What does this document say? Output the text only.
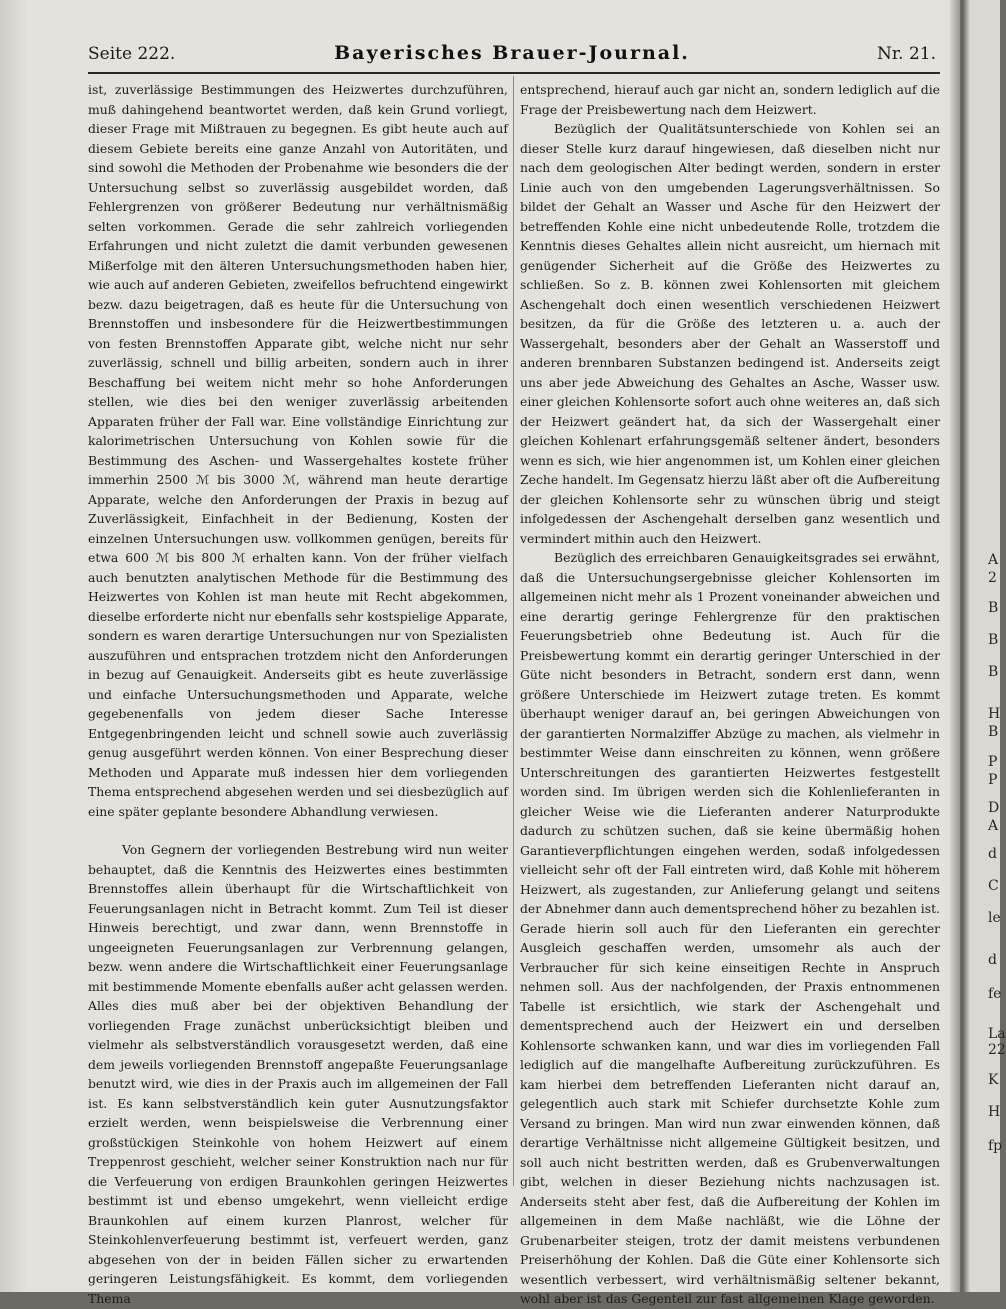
Seite 222.	Bayerisches Brauer-Journal.	Nr. 21.

ist, zuverlässige Bestimmungen des Heizwertes durchzuführen, muß dahingehend beantwortet werden, daß kein Grund vorliegt, dieser Frage mit Mißtrauen zu begegnen. Es gibt heute auch auf diesem Gebiete bereits eine ganze Anzahl von Autoritäten, und sind sowohl die Methoden der Probenahme wie besonders die der Untersuchung selbst so zuverlässig ausgebildet worden, daß Fehlergrenzen von größerer Bedeutung nur verhältnismäßig selten vorkommen. Gerade die sehr zahlreich vorliegenden Erfahrungen und nicht zuletzt die damit verbunden gewesenen Mißerfolge mit den älteren Untersuchungsmethoden haben hier, wie auch auf anderen Gebieten, zweifellos befruchtend eingewirkt bezw. dazu beigetragen, daß es heute für die Untersuchung von Brennstoffen und insbesondere für die Heizwertbestimmungen von festen Brennstoffen Apparate gibt, welche nicht nur sehr zuverlässig, schnell und billig arbeiten, sondern auch in ihrer Beschaffung bei weitem nicht mehr so hohe Anforderungen stellen, wie dies bei den weniger zuverlässig arbeitenden Apparaten früher der Fall war. Eine vollständige Einrichtung zur kalorimetrischen Untersuchung von Kohlen sowie für die Bestimmung des Aschen- und Wassergehaltes kostete früher immerhin 2500 ℳ bis 3000 ℳ, während man heute derartige Apparate, welche den Anforderungen der Praxis in bezug auf Zuverlässigkeit, Einfachheit in der Bedienung, Kosten der einzelnen Untersuchungen usw. vollkommen genügen, bereits für etwa 600 ℳ bis 800 ℳ erhalten kann. Von der früher vielfach auch benutzten analytischen Methode für die Bestimmung des Heizwertes von Kohlen ist man heute mit Recht abgekommen, dieselbe erforderte nicht nur ebenfalls sehr kostspielige Apparate, sondern es waren derartige Untersuchungen nur von Spezialisten auszuführen und entsprachen trotzdem nicht den Anforderungen in bezug auf Genauigkeit. Anderseits gibt es heute zuverlässige und einfache Untersuchungsmethoden und Apparate, welche gegebenenfalls von jedem dieser Sache Interesse Entgegenbringenden leicht und schnell sowie auch zuverlässig genug ausgeführt werden können. Von einer Besprechung dieser Methoden und Apparate muß indessen hier dem vorliegenden Thema entsprechend abgesehen werden und sei diesbezüglich auf eine später geplante besondere Abhandlung verwiesen.

Von Gegnern der vorliegenden Bestrebung wird nun weiter behauptet, daß die Kenntnis des Heizwertes eines bestimmten Brennstoffes allein überhaupt für die Wirtschaftlichkeit von Feuerungsanlagen nicht in Betracht kommt. Zum Teil ist dieser Hinweis berechtigt, und zwar dann, wenn Brennstoffe in ungeeigneten Feuerungsanlagen zur Verbrennung gelangen, bezw. wenn andere die Wirtschaftlichkeit einer Feuerungsanlage mit bestimmende Momente ebenfalls außer acht gelassen werden. Alles dies muß aber bei der objektiven Behandlung der vorliegenden Frage zunächst unberücksichtigt bleiben und vielmehr als selbstverständlich vorausgesetzt werden, daß eine dem jeweils vorliegenden Brennstoff angepaßte Feuerungsanlage benutzt wird, wie dies in der Praxis auch im allgemeinen der Fall ist. Es kann selbstverständlich kein guter Ausnutzungsfaktor erzielt werden, wenn beispielsweise die Verbrennung einer großstückigen Steinkohle von hohem Heizwert auf einem Treppenrost geschieht, welcher seiner Konstruktion nach nur für die Verfeuerung von erdigen Braunkohlen geringen Heizwertes bestimmt ist und ebenso umgekehrt, wenn vielleicht erdige Braunkohlen auf einem kurzen Planrost, welcher für Steinkohlenverfeuerung bestimmt ist, verfeuert werden, ganz abgesehen von der in beiden Fällen sicher zu erwartenden geringeren Leistungsfähigkeit. Es kommt, dem vorliegenden Thema

entsprechend, hierauf auch gar nicht an, sondern lediglich auf die Frage der Preisbewertung nach dem Heizwert.

Bezüglich der Qualitätsunterschiede von Kohlen sei an dieser Stelle kurz darauf hingewiesen, daß dieselben nicht nur nach dem geologischen Alter bedingt werden, sondern in erster Linie auch von den umgebenden Lagerungsverhältnissen. So bildet der Gehalt an Wasser und Asche für den Heizwert der betreffenden Kohle eine nicht unbedeutende Rolle, trotzdem die Kenntnis dieses Gehaltes allein nicht ausreicht, um hiernach mit genügender Sicherheit auf die Größe des Heizwertes zu schließen. So z. B. können zwei Kohlensorten mit gleichem Aschengehalt doch einen wesentlich verschiedenen Heizwert besitzen, da für die Größe des letzteren u. a. auch der Wassergehalt, besonders aber der Gehalt an Wasserstoff und anderen brennbaren Substanzen bedingend ist. Anderseits zeigt uns aber jede Abweichung des Gehaltes an Asche, Wasser usw. einer gleichen Kohlensorte sofort auch ohne weiteres an, daß sich der Heizwert geändert hat, da sich der Wassergehalt einer gleichen Kohlenart erfahrungsgemäß seltener ändert, besonders wenn es sich, wie hier angenommen ist, um Kohlen einer gleichen Zeche handelt. Im Gegensatz hierzu läßt aber oft die Aufbereitung der gleichen Kohlensorte sehr zu wünschen übrig und steigt infolgedessen der Aschengehalt derselben ganz wesentlich und vermindert mithin auch den Heizwert.

Bezüglich des erreichbaren Genauigkeitsgrades sei erwähnt, daß die Untersuchungsergebnisse gleicher Kohlensorten im allgemeinen nicht mehr als 1 Prozent voneinander abweichen und eine derartig geringe Fehlergrenze für den praktischen Feuerungsbetrieb ohne Bedeutung ist. Auch für die Preisbewertung kommt ein derartig geringer Unterschied in der Güte nicht besonders in Betracht, sondern erst dann, wenn größere Unterschiede im Heizwert zutage treten. Es kommt überhaupt weniger darauf an, bei geringen Abweichungen von der garantierten Normalziffer Abzüge zu machen, als vielmehr in bestimmter Weise dann einschreiten zu können, wenn größere Unterschreitungen des garantierten Heizwertes festgestellt worden sind. Im übrigen werden sich die Kohlenlieferanten in gleicher Weise wie die Lieferanten anderer Naturprodukte dadurch zu schützen suchen, daß sie keine übermäßig hohen Garantieverpflichtungen eingehen werden, sodaß infolgedessen vielleicht sehr oft der Fall eintreten wird, daß Kohle mit höherem Heizwert, als zugestanden, zur Anlieferung gelangt und seitens der Abnehmer dann auch dementsprechend höher zu bezahlen ist. Gerade hierin soll auch für den Lieferanten ein gerechter Ausgleich geschaffen werden, umsomehr als auch der Verbraucher für sich keine einseitigen Rechte in Anspruch nehmen soll. Aus der nachfolgenden, der Praxis entnommenen Tabelle ist ersichtlich, wie stark der Aschengehalt und dementsprechend auch der Heizwert ein und derselben Kohlensorte schwanken kann, und war dies im vorliegenden Fall lediglich auf die mangelhafte Aufbereitung zurückzuführen. Es kam hierbei dem betreffenden Lieferanten nicht darauf an, gelegentlich auch stark mit Schiefer durchsetzte Kohle zum Versand zu bringen. Man wird nun zwar einwenden können, daß derartige Verhältnisse nicht allgemeine Gültigkeit besitzen, und soll auch nicht bestritten werden, daß es Grubenverwaltungen gibt, welchen in dieser Beziehung nichts nachzusagen ist. Anderseits steht aber fest, daß die Aufbereitung der Kohlen im allgemeinen in dem Maße nachläßt, wie die Löhne der Grubenarbeiter steigen, trotz der damit meistens verbundenen Preiserhöhung der Kohlen. Daß die Güte einer Kohlensorte sich wesentlich verbessert, wird verhältnismäßig seltener bekannt, wohl aber ist das Gegenteil zur fast allgemeinen Klage geworden.

A
2
B
B
B
H
B
P
P
D
A
d
C
le
d
fe
La
22
K
H
fp
